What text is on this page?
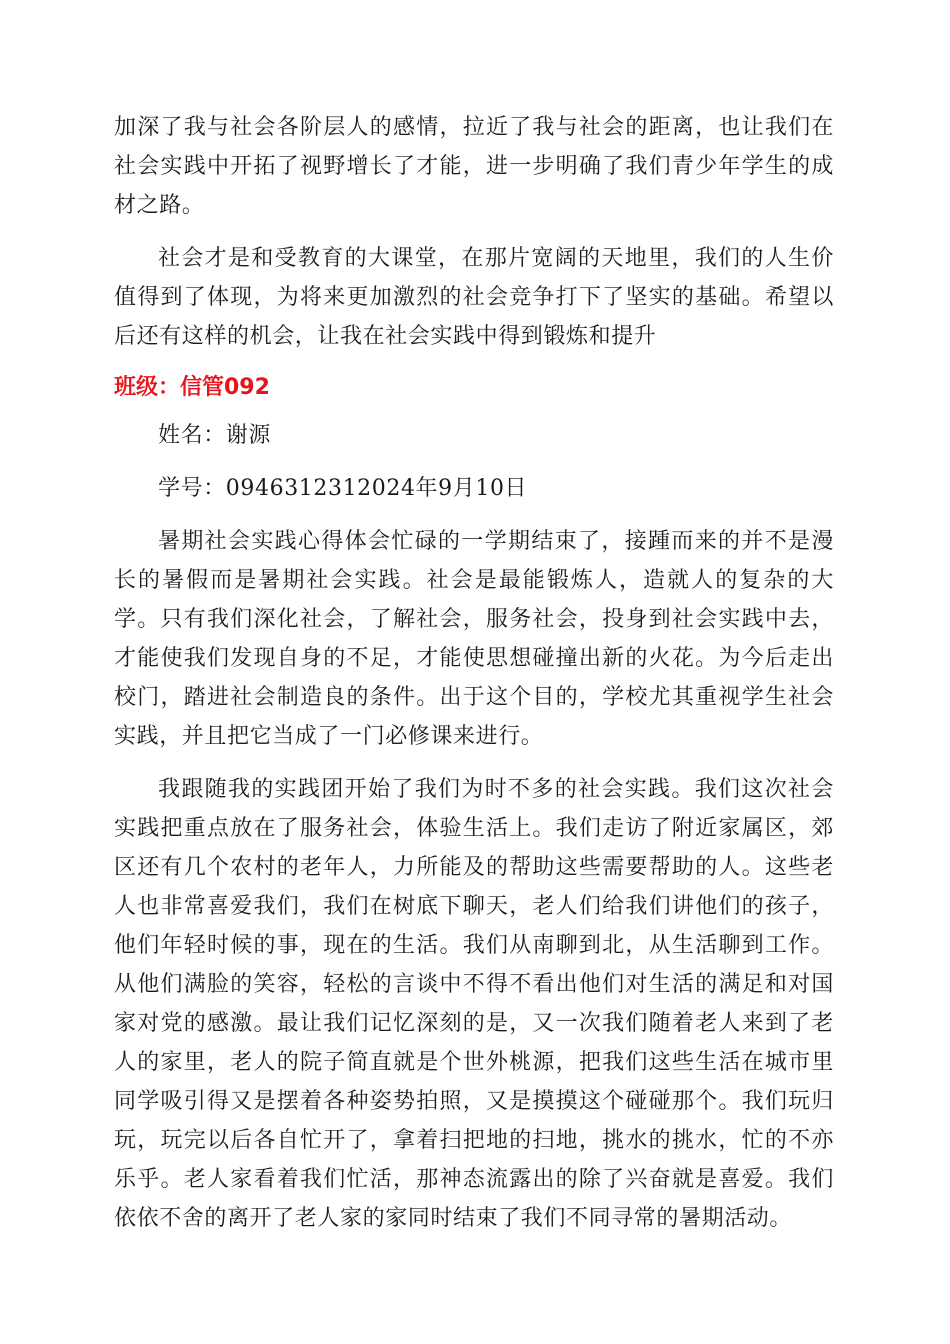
加深了我与社会各阶层人的感情，拉近了我与社会的距离，也让我们在社会实践中开拓了视野增长了才能，进一步明确了我们青少年学生的成材之路。

社会才是和受教育的大课堂，在那片宽阔的天地里，我们的人生价值得到了体现，为将来更加激烈的社会竞争打下了坚实的基础。希望以后还有这样的机会，让我在社会实践中得到锻炼和提升

班级：信管092

姓名：谢源

学号：0946312312024年9月10日

暑期社会实践心得体会忙碌的一学期结束了，接踵而来的并不是漫长的暑假而是暑期社会实践。社会是最能锻炼人，造就人的复杂的大学。只有我们深化社会，了解社会，服务社会，投身到社会实践中去，才能使我们发现自身的不足，才能使思想碰撞出新的火花。为今后走出校门，踏进社会制造良的条件。出于这个目的，学校尤其重视学生社会实践，并且把它当成了一门必修课来进行。

我跟随我的实践团开始了我们为时不多的社会实践。我们这次社会实践把重点放在了服务社会，体验生活上。我们走访了附近家属区，郊区还有几个农村的老年人，力所能及的帮助这些需要帮助的人。这些老人也非常喜爱我们，我们在树底下聊天，老人们给我们讲他们的孩子，他们年轻时候的事，现在的生活。我们从南聊到北，从生活聊到工作。从他们满脸的笑容，轻松的言谈中不得不看出他们对生活的满足和对国家对党的感激。最让我们记忆深刻的是，又一次我们随着老人来到了老人的家里，老人的院子简直就是个世外桃源，把我们这些生活在城市里同学吸引得又是摆着各种姿势拍照，又是摸摸这个碰碰那个。我们玩归玩，玩完以后各自忙开了，拿着扫把地的扫地，挑水的挑水，忙的不亦乐乎。老人家看着我们忙活，那神态流露出的除了兴奋就是喜爱。我们依依不舍的离开了老人家的家同时结束了我们不同寻常的暑期活动。
